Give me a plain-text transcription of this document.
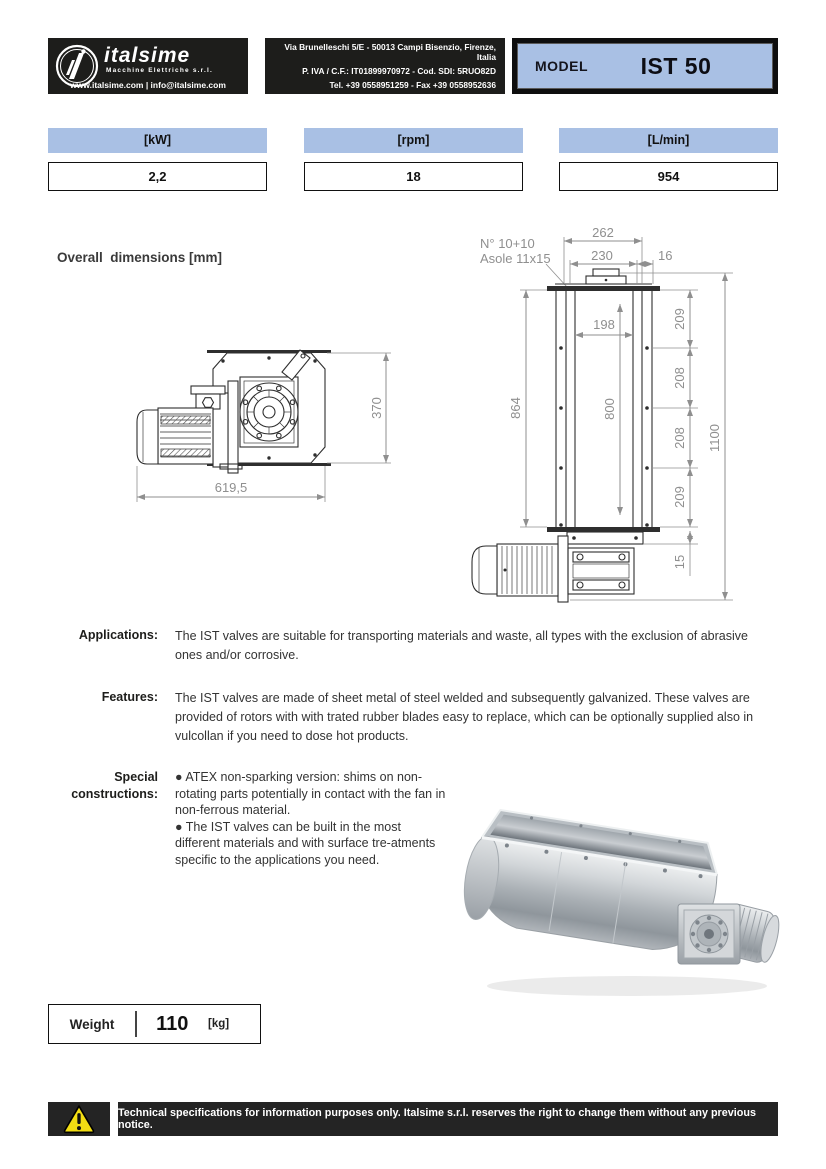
italsime
Macchine Elettriche s.r.l.
www.italsime.com | info@italsime.com
Via Brunelleschi 5/E - 50013 Campi Bisenzio, Firenze, Italia
P. IVA / C.F.: IT01899970972 - Cod. SDI: 5RUO82D
Tel. +39 0558951259 - Fax +39 0558952636
MODEL	IST 50
[kW]
2,2
[rpm]
18
[L/min]
954
Overall  dimensions [mm]
619,5
370
N° 10+10
Asole 11x15
262
230	16
864
198
800
209
208
208
209
15
1100
Applications: The IST valves are suitable for transporting materials and waste, all types with the exclusion of abrasive ones and/or corrosive.
Features: The IST valves are made of sheet metal of steel welded and subsequently galvanized. These valves are provided of rotors with with trated rubber blades easy to replace, which can be optionally supplied also in vulcollan if you need to dose hot products.
Special
constructions:
● ATEX non-sparking version: shims on non-rotating parts potentially in contact with the fan in non-ferrous material.
● The IST valves can be built in the most different materials and with surface tre-atments specific to the applications you need.
Weight	110	[kg]
Technical specifications for information purposes only. Italsime s.r.l. reserves the right to change them without any previous notice.
